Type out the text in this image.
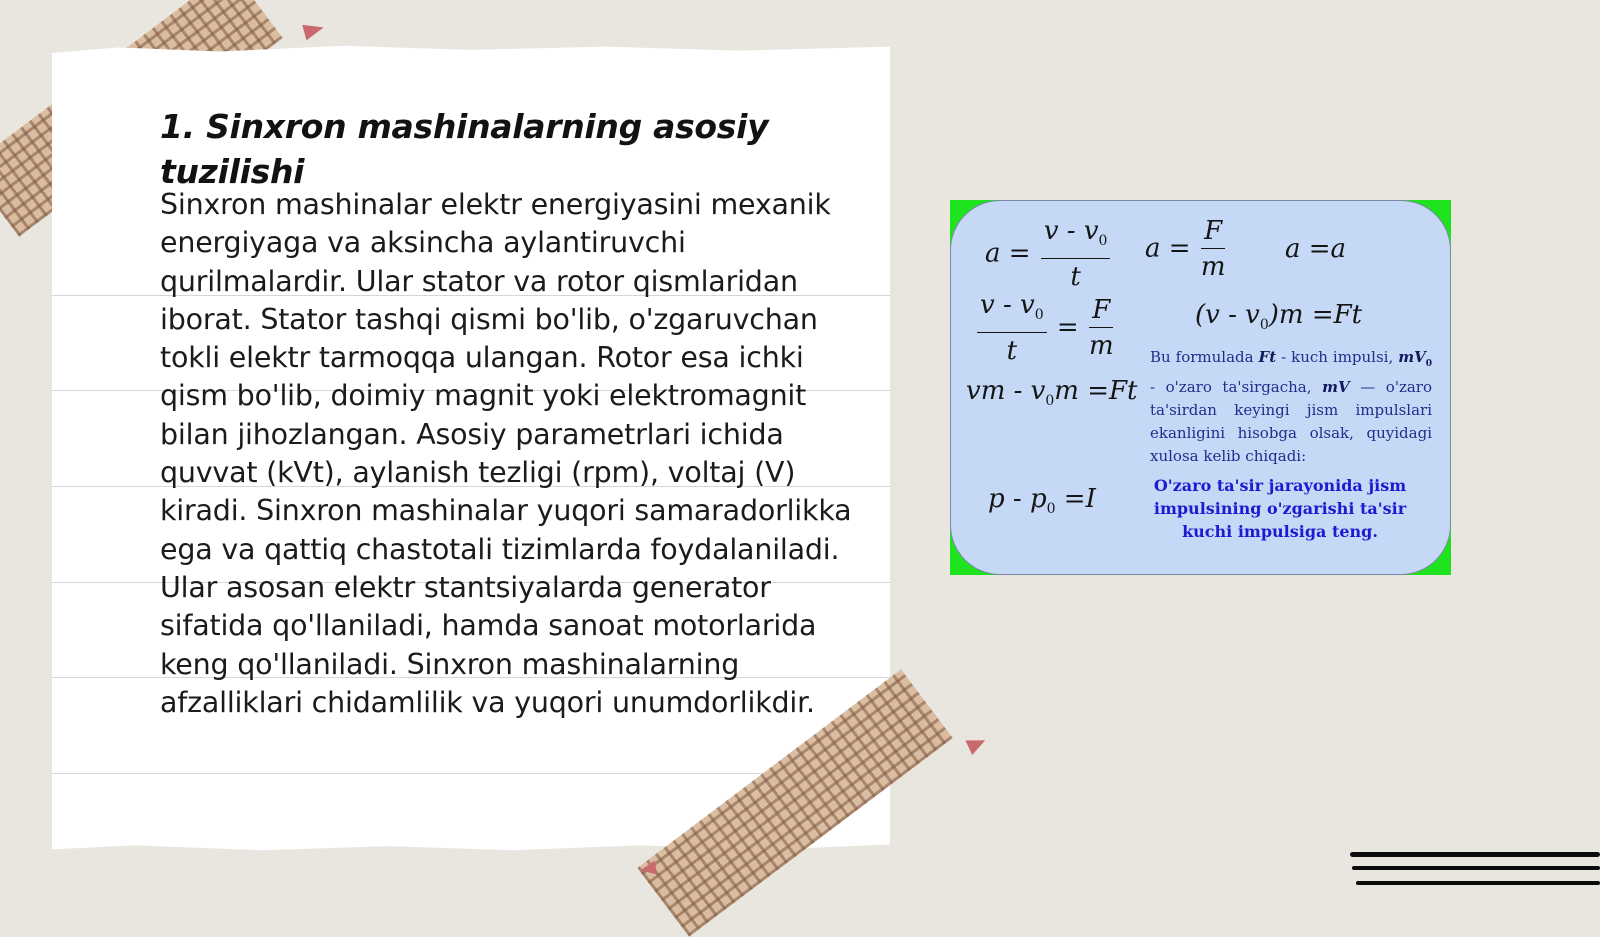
1. Sinxron mashinalarning asosiy tuzilishi

Sinxron mashinalar elektr energiyasini mexanik energiyaga va aksincha aylantiruvchi qurilmalardir. Ular stator va rotor qismlaridan iborat. Stator tashqi qismi bo'lib, o'zgaruvchan tokli elektr tarmoqqa ulangan. Rotor esa ichki qism bo'lib, doimiy magnit yoki elektromagnit bilan jihozlangan. Asosiy parametrlari ichida quvvat (kVt), aylanish tezligi (rpm), voltaj (V) kiradi. Sinxron mashinalar yuqori samaradorlikka ega va qattiq chastotali tizimlarda foydalaniladi. Ular asosan elektr stantsiyalarda generator sifatida qo'llaniladi, hamda sanoat motorlarida keng qo'llaniladi. Sinxron mashinalarning afzalliklari chidamlilik va yuqori unumdorlikdir.

$a = \frac{v - v_0}{t}$ $a = \frac{F}{m}$ a =a
$\frac{v - v_0}{t} = \frac{F}{m}$	$(v - v_0)m =Ft$
vm - $v_0m =Ft$
$p - p_0 =I$

Bu formulada Ft - kuch impulsi, $mV_0$ - o'zaro ta'sirgacha, mV — o'zaro ta'sirdan keyingi jism impulslari ekanligini hisobga olsak, quyidagi xulosa kelib chiqadi:

O'zaro ta'sir jarayonida jism impulsining o'zgarishi ta'sir kuchi impulsiga teng.
